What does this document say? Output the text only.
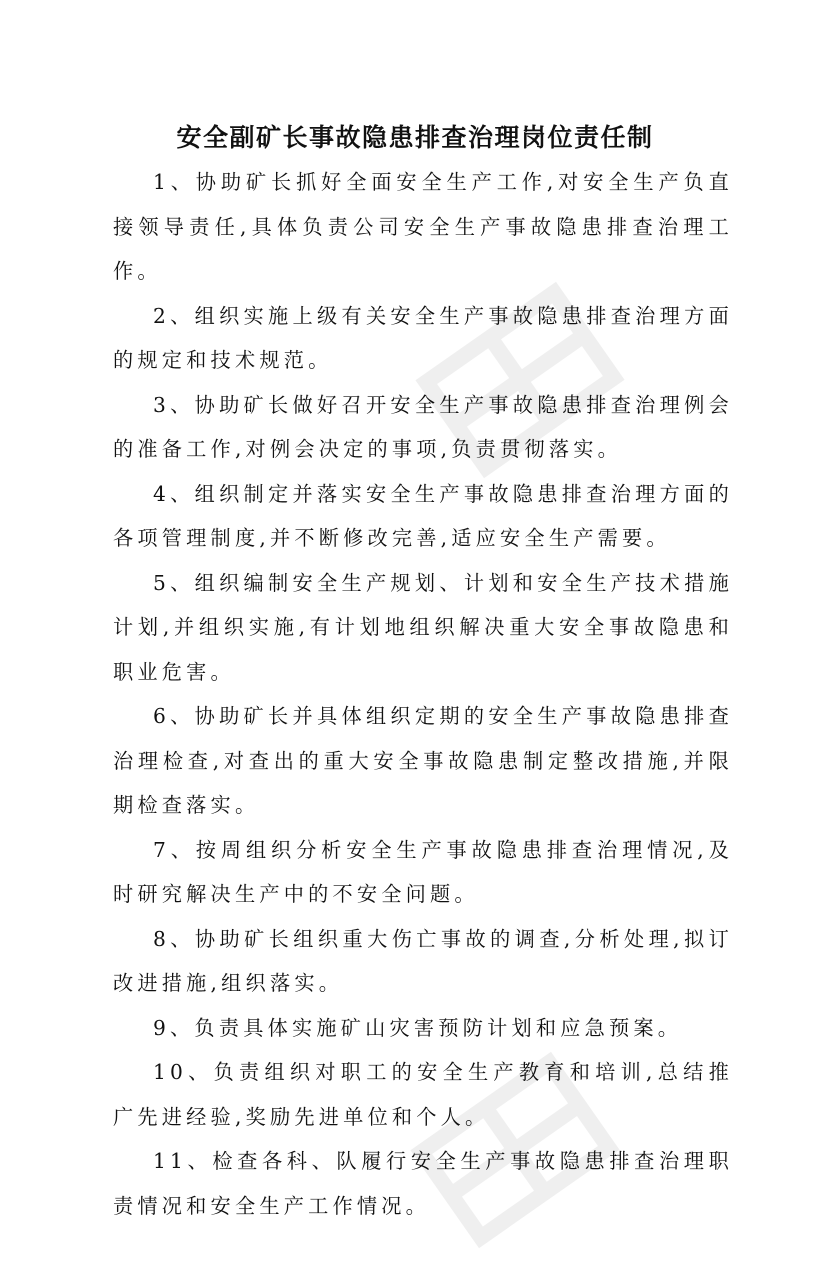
安全副矿长事故隐患排查治理岗位责任制

1、协助矿长抓好全面安全生产工作,对安全生产负直接领导责任,具体负责公司安全生产事故隐患排查治理工作。

2、组织实施上级有关安全生产事故隐患排查治理方面的规定和技术规范。

3、协助矿长做好召开安全生产事故隐患排查治理例会的准备工作,对例会决定的事项,负责贯彻落实。

4、组织制定并落实安全生产事故隐患排查治理方面的各项管理制度,并不断修改完善,适应安全生产需要。

5、组织编制安全生产规划、计划和安全生产技术措施计划,并组织实施,有计划地组织解决重大安全事故隐患和职业危害。

6、协助矿长并具体组织定期的安全生产事故隐患排查治理检查,对查出的重大安全事故隐患制定整改措施,并限期检查落实。

7、按周组织分析安全生产事故隐患排查治理情况,及时研究解决生产中的不安全问题。

8、协助矿长组织重大伤亡事故的调查,分析处理,拟订改进措施,组织落实。

9、负责具体实施矿山灾害预防计划和应急预案。

10、负责组织对职工的安全生产教育和培训,总结推广先进经验,奖励先进单位和个人。

11、检查各科、队履行安全生产事故隐患排查治理职责情况和安全生产工作情况。
